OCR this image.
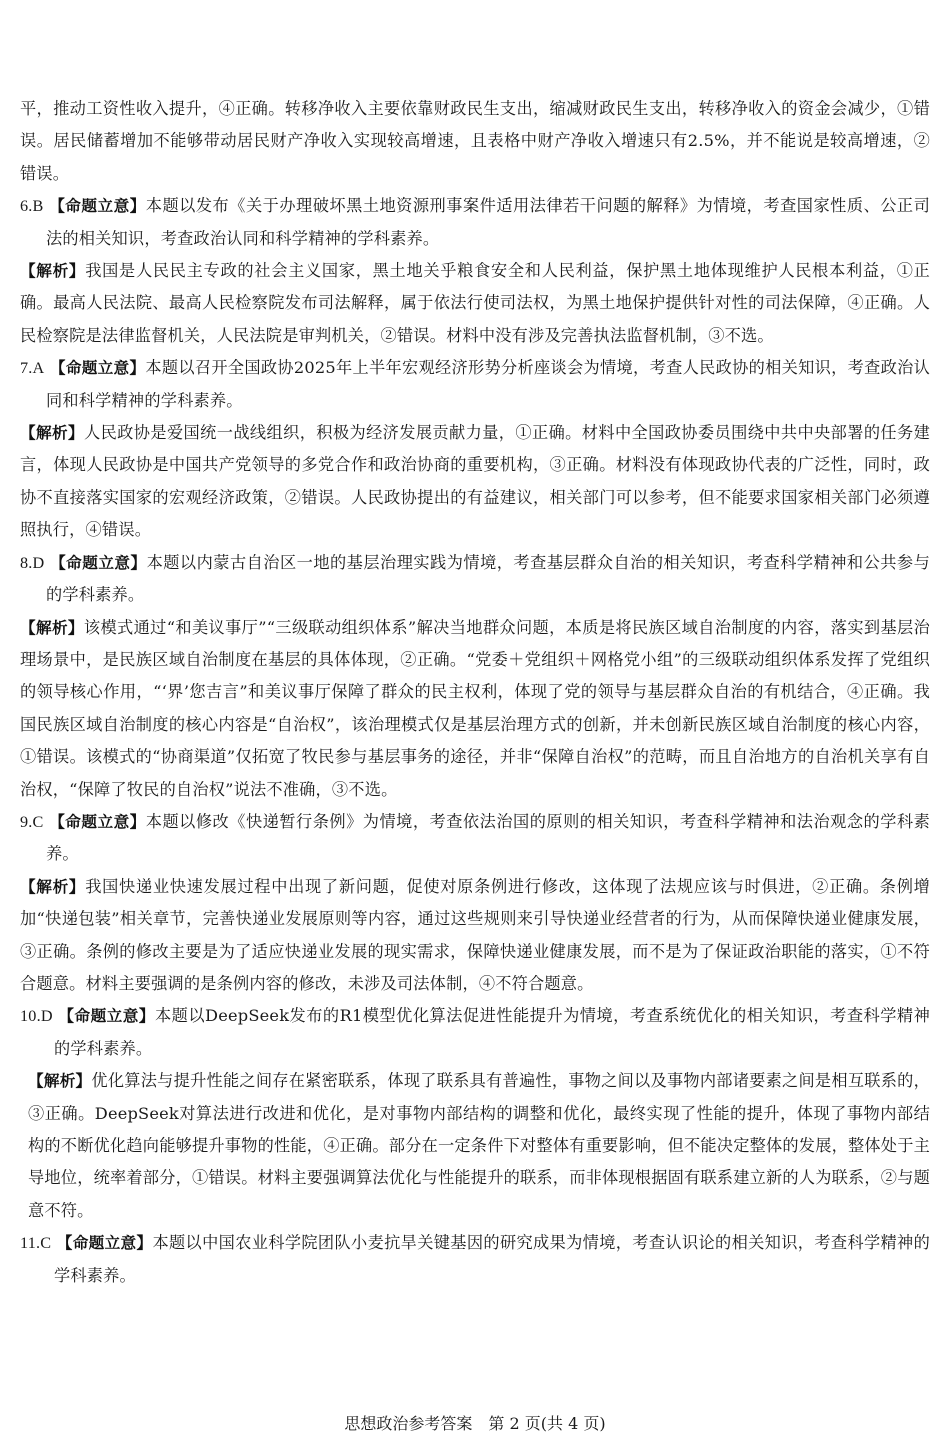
平，推动工资性收入提升，④正确。转移净收入主要依靠财政民生支出，缩减财政民生支出，转移净收入的资金会减少，①错误。居民储蓄增加不能够带动居民财产净收入实现较高增速，且表格中财产净收入增速只有2.5%，并不能说是较高增速，②错误。

6.B 【命题立意】本题以发布《关于办理破坏黑土地资源刑事案件适用法律若干问题的解释》为情境，考查国家性质、公正司法的相关知识，考查政治认同和科学精神的学科素养。

【解析】我国是人民民主专政的社会主义国家，黑土地关乎粮食安全和人民利益，保护黑土地体现维护人民根本利益，①正确。最高人民法院、最高人民检察院发布司法解释，属于依法行使司法权，为黑土地保护提供针对性的司法保障，④正确。人民检察院是法律监督机关，人民法院是审判机关，②错误。材料中没有涉及完善执法监督机制，③不选。

7.A 【命题立意】本题以召开全国政协2025年上半年宏观经济形势分析座谈会为情境，考查人民政协的相关知识，考查政治认同和科学精神的学科素养。

【解析】人民政协是爱国统一战线组织，积极为经济发展贡献力量，①正确。材料中全国政协委员围绕中共中央部署的任务建言，体现人民政协是中国共产党领导的多党合作和政治协商的重要机构，③正确。材料没有体现政协代表的广泛性，同时，政协不直接落实国家的宏观经济政策，②错误。人民政协提出的有益建议，相关部门可以参考，但不能要求国家相关部门必须遵照执行，④错误。

8.D 【命题立意】本题以内蒙古自治区一地的基层治理实践为情境，考查基层群众自治的相关知识，考查科学精神和公共参与的学科素养。

【解析】该模式通过“和美议事厅”“三级联动组织体系”解决当地群众问题，本质是将民族区域自治制度的内容，落实到基层治理场景中，是民族区域自治制度在基层的具体体现，②正确。“党委＋党组织＋网格党小组”的三级联动组织体系发挥了党组织的领导核心作用，“‘界’您吉言”和美议事厅保障了群众的民主权利，体现了党的领导与基层群众自治的有机结合，④正确。我国民族区域自治制度的核心内容是“自治权”，该治理模式仅是基层治理方式的创新，并未创新民族区域自治制度的核心内容，①错误。该模式的“协商渠道”仅拓宽了牧民参与基层事务的途径，并非“保障自治权”的范畴，而且自治地方的自治机关享有自治权，“保障了牧民的自治权”说法不准确，③不选。

9.C 【命题立意】本题以修改《快递暂行条例》为情境，考查依法治国的原则的相关知识，考查科学精神和法治观念的学科素养。

【解析】我国快递业快速发展过程中出现了新问题，促使对原条例进行修改，这体现了法规应该与时俱进，②正确。条例增加“快递包装”相关章节，完善快递业发展原则等内容，通过这些规则来引导快递业经营者的行为，从而保障快递业健康发展，③正确。条例的修改主要是为了适应快递业发展的现实需求，保障快递业健康发展，而不是为了保证政治职能的落实，①不符合题意。材料主要强调的是条例内容的修改，未涉及司法体制，④不符合题意。

10.D 【命题立意】本题以DeepSeek发布的R1模型优化算法促进性能提升为情境，考查系统优化的相关知识，考查科学精神的学科素养。

【解析】优化算法与提升性能之间存在紧密联系，体现了联系具有普遍性，事物之间以及事物内部诸要素之间是相互联系的，③正确。DeepSeek对算法进行改进和优化，是对事物内部结构的调整和优化，最终实现了性能的提升，体现了事物内部结构的不断优化趋向能够提升事物的性能，④正确。部分在一定条件下对整体有重要影响，但不能决定整体的发展，整体处于主导地位，统率着部分，①错误。材料主要强调算法优化与性能提升的联系，而非体现根据固有联系建立新的人为联系，②与题意不符。

11.C 【命题立意】本题以中国农业科学院团队小麦抗旱关键基因的研究成果为情境，考查认识论的相关知识，考查科学精神的学科素养。

思想政治参考答案　第 2 页(共 4 页)
